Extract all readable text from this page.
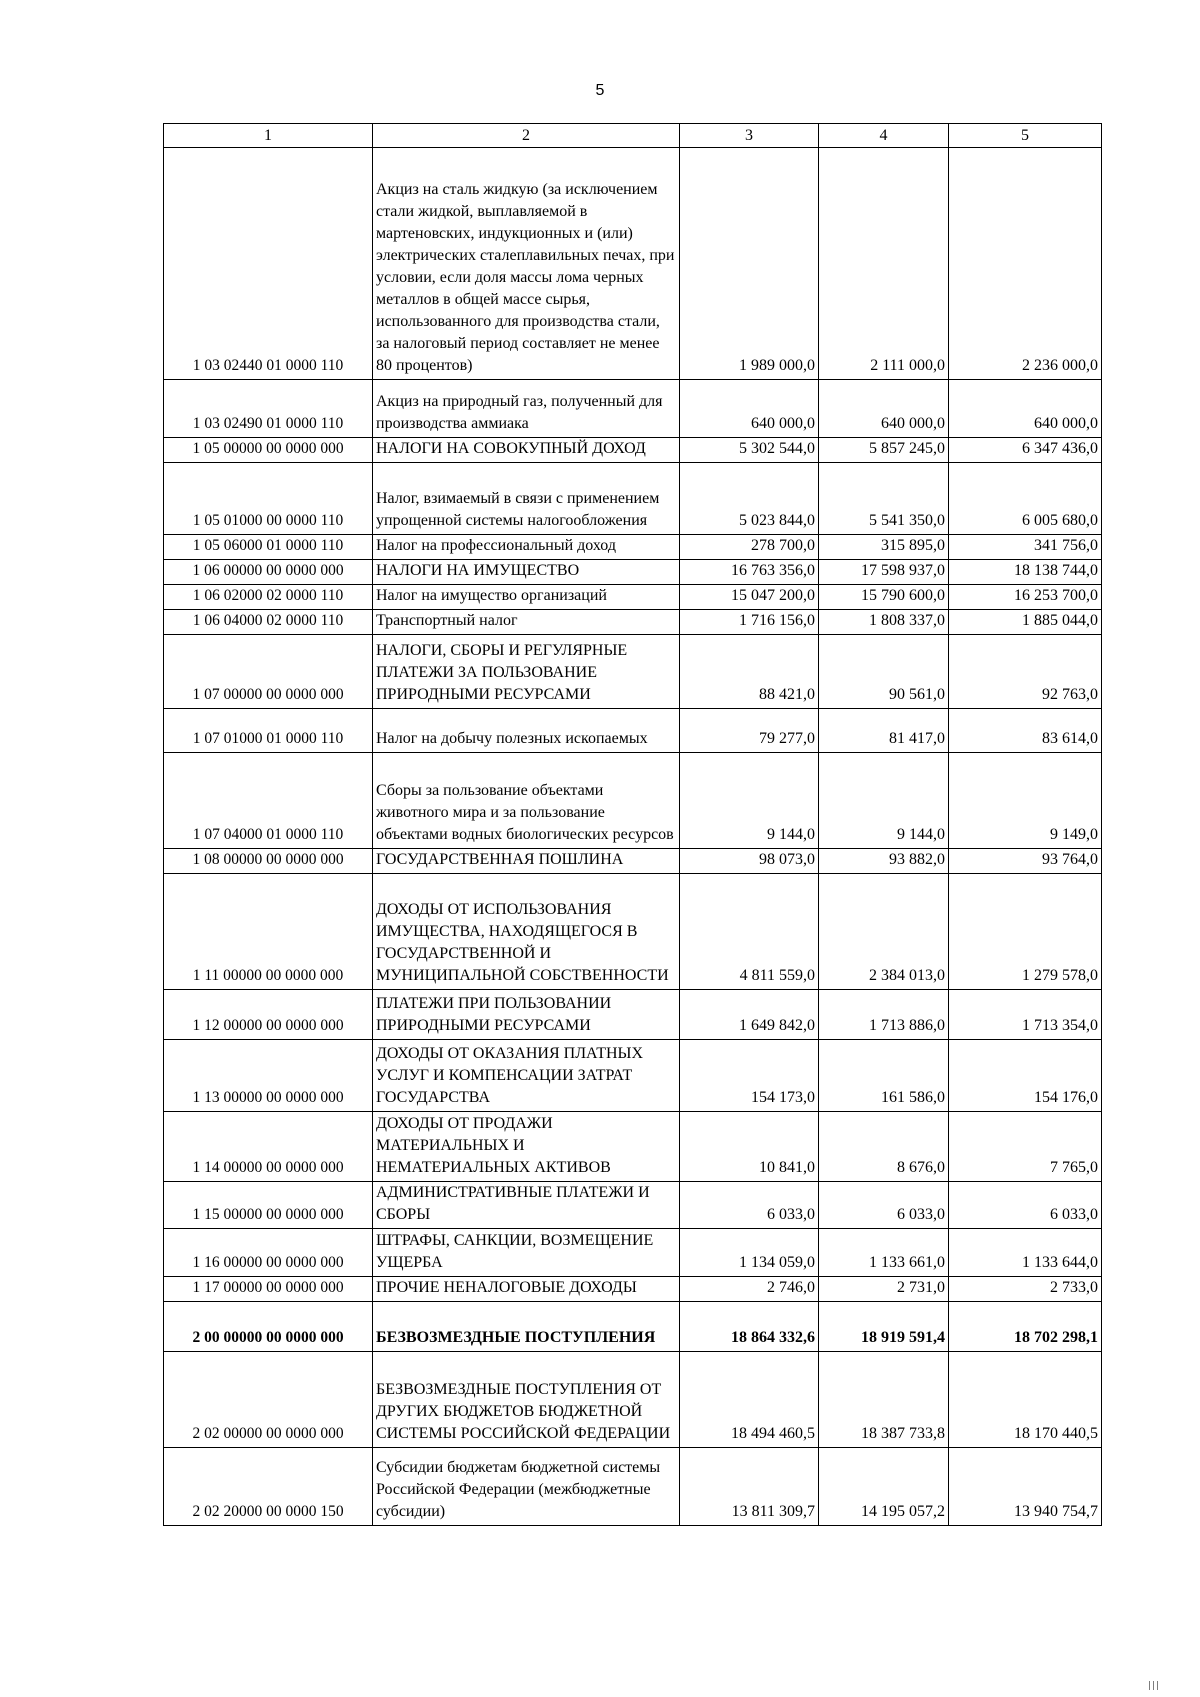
5
1	2	3	4	5
1 03 02440 01 0000 110	Акциз на сталь жидкую (за исключением стали жидкой, выплавляемой в мартеновских, индукционных и (или) электрических сталеплавильных печах, при условии, если доля массы лома черных металлов в общей массе сырья, использованного для производства стали, за налоговый период составляет не менее 80 процентов)	1 989 000,0	2 111 000,0	2 236 000,0
1 03 02490 01 0000 110	Акциз на природный газ, полученный для производства аммиака	640 000,0	640 000,0	640 000,0
1 05 00000 00 0000 000	НАЛОГИ НА СОВОКУПНЫЙ ДОХОД	5 302 544,0	5 857 245,0	6 347 436,0
1 05 01000 00 0000 110	Налог, взимаемый в связи с применением упрощенной системы налогообложения	5 023 844,0	5 541 350,0	6 005 680,0
1 05 06000 01 0000 110	Налог на профессиональный доход	278 700,0	315 895,0	341 756,0
1 06 00000 00 0000 000	НАЛОГИ НА ИМУЩЕСТВО	16 763 356,0	17 598 937,0	18 138 744,0
1 06 02000 02 0000 110	Налог на имущество организаций	15 047 200,0	15 790 600,0	16 253 700,0
1 06 04000 02 0000 110	Транспортный налог	1 716 156,0	1 808 337,0	1 885 044,0
1 07 00000 00 0000 000	НАЛОГИ, СБОРЫ И РЕГУЛЯРНЫЕ ПЛАТЕЖИ ЗА ПОЛЬЗОВАНИЕ ПРИРОДНЫМИ РЕСУРСАМИ	88 421,0	90 561,0	92 763,0
1 07 01000 01 0000 110	Налог на добычу полезных ископаемых	79 277,0	81 417,0	83 614,0
1 07 04000 01 0000 110	Сборы за пользование объектами животного мира и за пользование объектами водных биологических ресурсов	9 144,0	9 144,0	9 149,0
1 08 00000 00 0000 000	ГОСУДАРСТВЕННАЯ ПОШЛИНА	98 073,0	93 882,0	93 764,0
1 11 00000 00 0000 000	ДОХОДЫ ОТ ИСПОЛЬЗОВАНИЯ ИМУЩЕСТВА, НАХОДЯЩЕГОСЯ В ГОСУДАРСТВЕННОЙ И МУНИЦИПАЛЬНОЙ СОБСТВЕННОСТИ	4 811 559,0	2 384 013,0	1 279 578,0
1 12 00000 00 0000 000	ПЛАТЕЖИ ПРИ ПОЛЬЗОВАНИИ ПРИРОДНЫМИ РЕСУРСАМИ	1 649 842,0	1 713 886,0	1 713 354,0
1 13 00000 00 0000 000	ДОХОДЫ ОТ ОКАЗАНИЯ ПЛАТНЫХ УСЛУГ И КОМПЕНСАЦИИ ЗАТРАТ ГОСУДАРСТВА	154 173,0	161 586,0	154 176,0
1 14 00000 00 0000 000	ДОХОДЫ ОТ ПРОДАЖИ МАТЕРИАЛЬНЫХ И НЕМАТЕРИАЛЬНЫХ АКТИВОВ	10 841,0	8 676,0	7 765,0
1 15 00000 00 0000 000	АДМИНИСТРАТИВНЫЕ ПЛАТЕЖИ И СБОРЫ	6 033,0	6 033,0	6 033,0
1 16 00000 00 0000 000	ШТРАФЫ, САНКЦИИ, ВОЗМЕЩЕНИЕ УЩЕРБА	1 134 059,0	1 133 661,0	1 133 644,0
1 17 00000 00 0000 000	ПРОЧИЕ НЕНАЛОГОВЫЕ ДОХОДЫ	2 746,0	2 731,0	2 733,0
2 00 00000 00 0000 000	БЕЗВОЗМЕЗДНЫЕ ПОСТУПЛЕНИЯ	18 864 332,6	18 919 591,4	18 702 298,1
2 02 00000 00 0000 000	БЕЗВОЗМЕЗДНЫЕ ПОСТУПЛЕНИЯ ОТ ДРУГИХ БЮДЖЕТОВ БЮДЖЕТНОЙ СИСТЕМЫ РОССИЙСКОЙ ФЕДЕРАЦИИ	18 494 460,5	18 387 733,8	18 170 440,5
2 02 20000 00 0000 150	Субсидии бюджетам бюджетной системы Российской Федерации (межбюджетные субсидии)	13 811 309,7	14 195 057,2	13 940 754,7
|||
